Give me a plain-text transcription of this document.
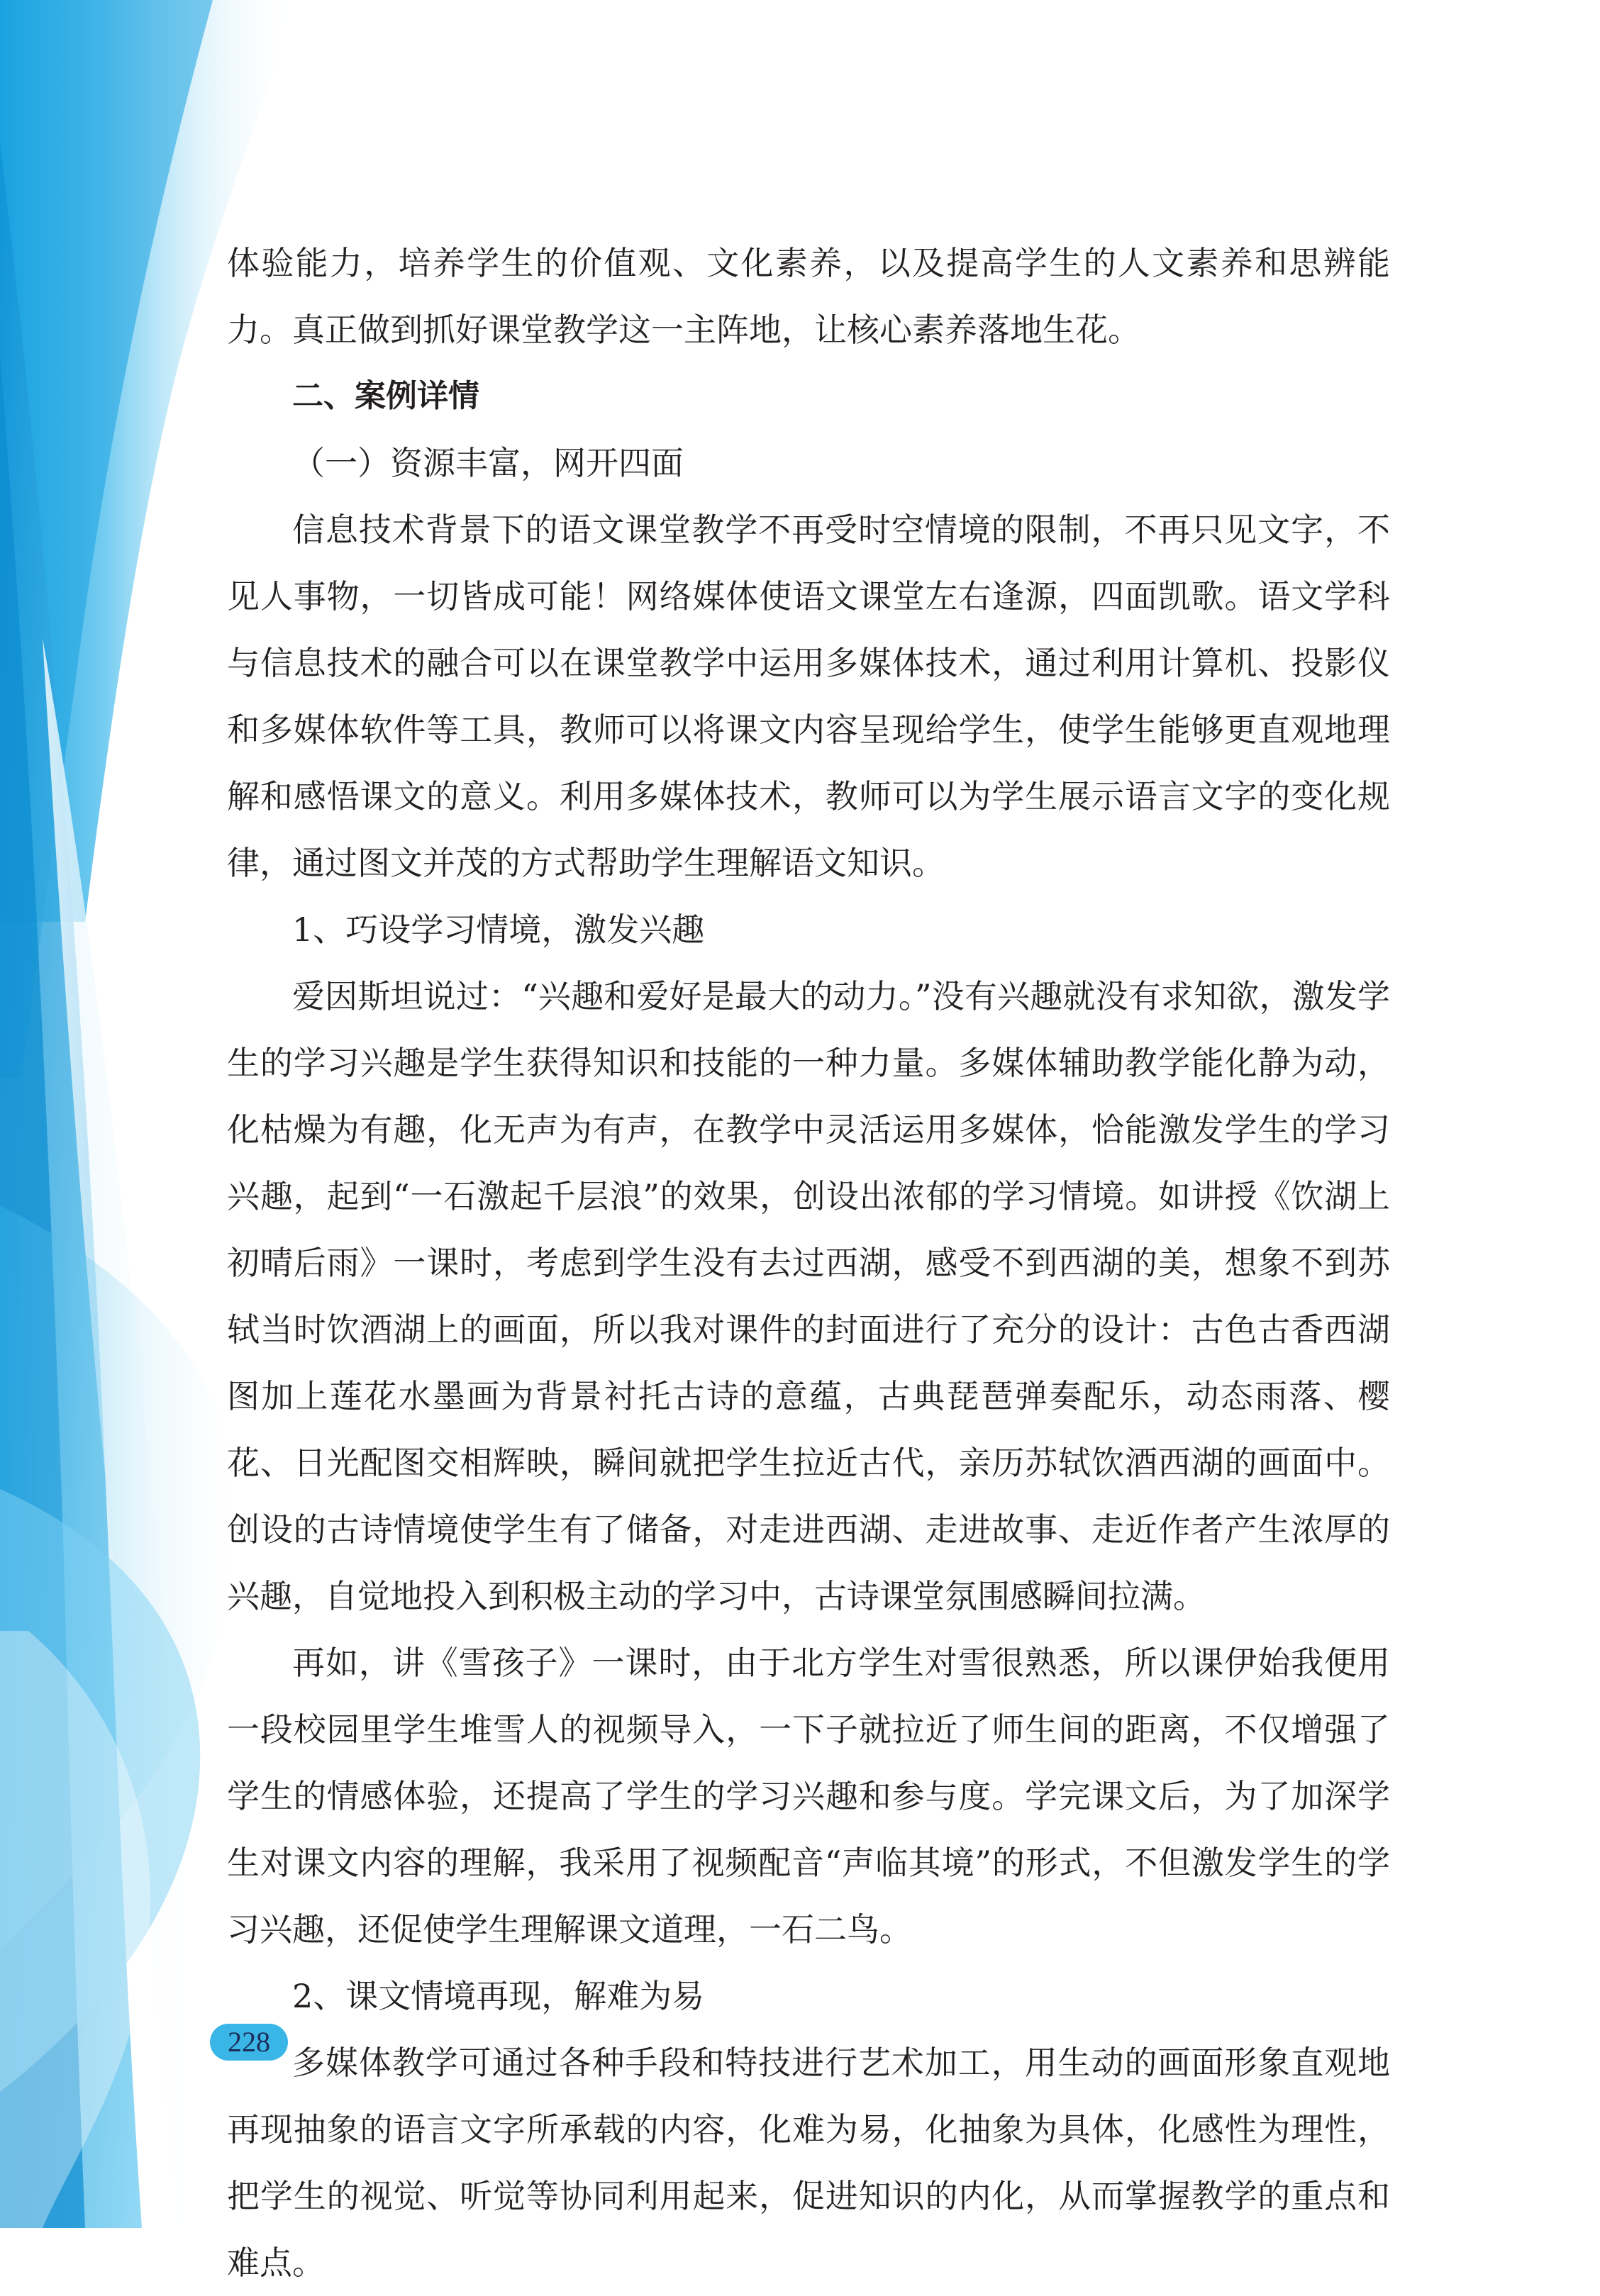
体验能力，培养学生的价值观、文化素养，以及提高学生的人文素养和思辨能力。真正做到抓好课堂教学这一主阵地，让核心素养落地生花。

二、案例详情
（一）资源丰富，网开四面

信息技术背景下的语文课堂教学不再受时空情境的限制，不再只见文字，不见人事物，一切皆成可能！网络媒体使语文课堂左右逢源，四面凯歌。语文学科与信息技术的融合可以在课堂教学中运用多媒体技术，通过利用计算机、投影仪和多媒体软件等工具，教师可以将课文内容呈现给学生，使学生能够更直观地理解和感悟课文的意义。利用多媒体技术，教师可以为学生展示语言文字的变化规律，通过图文并茂的方式帮助学生理解语文知识。

1、巧设学习情境，激发兴趣

爱因斯坦说过：“兴趣和爱好是最大的动力。”没有兴趣就没有求知欲，激发学生的学习兴趣是学生获得知识和技能的一种力量。多媒体辅助教学能化静为动，化枯燥为有趣，化无声为有声，在教学中灵活运用多媒体，恰能激发学生的学习兴趣，起到“一石激起千层浪”的效果，创设出浓郁的学习情境。如讲授《饮湖上初晴后雨》一课时，考虑到学生没有去过西湖，感受不到西湖的美，想象不到苏轼当时饮酒湖上的画面，所以我对课件的封面进行了充分的设计：古色古香西湖图加上莲花水墨画为背景衬托古诗的意蕴，古典琵琶弹奏配乐，动态雨落、樱花、日光配图交相辉映，瞬间就把学生拉近古代，亲历苏轼饮酒西湖的画面中。创设的古诗情境使学生有了储备，对走进西湖、走进故事、走近作者产生浓厚的兴趣，自觉地投入到积极主动的学习中，古诗课堂氛围感瞬间拉满。

再如，讲《雪孩子》一课时，由于北方学生对雪很熟悉，所以课伊始我便用一段校园里学生堆雪人的视频导入，一下子就拉近了师生间的距离，不仅增强了学生的情感体验，还提高了学生的学习兴趣和参与度。学完课文后，为了加深学生对课文内容的理解，我采用了视频配音“声临其境”的形式，不但激发学生的学习兴趣，还促使学生理解课文道理，一石二鸟。

2、课文情境再现，解难为易

多媒体教学可通过各种手段和特技进行艺术加工，用生动的画面形象直观地再现抽象的语言文字所承载的内容，化难为易，化抽象为具体，化感性为理性，把学生的视觉、听觉等协同利用起来，促进知识的内化，从而掌握教学的重点和难点。

228
